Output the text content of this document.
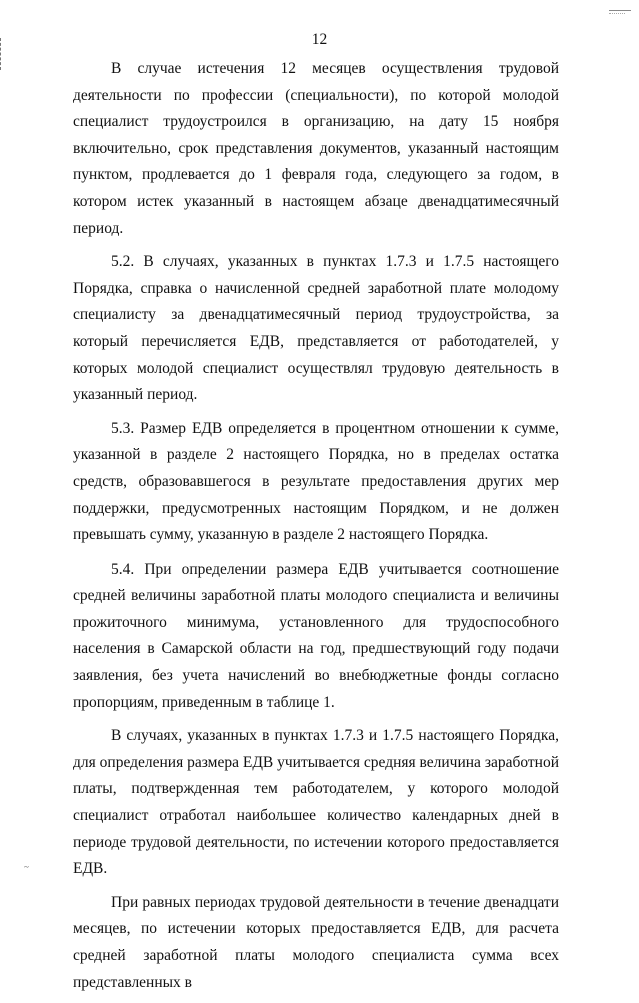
~
12

В случае истечения 12 месяцев осуществления трудовой деятельности по профессии (специальности), по которой молодой специалист трудоустроился в организацию, на дату 15 ноября включительно, срок представления документов, указанный настоящим пунктом, продлевается до 1 февраля года, следующего за годом, в котором истек указанный в настоящем абзаце двенадцатимесячный период.

5.2. В случаях, указанных в пунктах 1.7.3 и 1.7.5 настоящего Порядка, справка о начисленной средней заработной плате молодому специалисту за двенадцатимесячный период трудоустройства, за который перечисляется ЕДВ, представляется от работодателей, у которых молодой специалист осуществлял трудовую деятельность в указанный период.

5.3. Размер ЕДВ определяется в процентном отношении к сумме, указанной в разделе 2 настоящего Порядка, но в пределах остатка средств, образовавшегося в результате предоставления других мер поддержки, предусмотренных настоящим Порядком, и не должен превышать сумму, указанную в разделе 2 настоящего Порядка.

5.4. При определении размера ЕДВ учитывается соотношение средней величины заработной платы молодого специалиста и величины прожиточного минимума, установленного для трудоспособного населения в Самарской области на год, предшествующий году подачи заявления, без учета начислений во внебюджетные фонды согласно пропорциям, приведенным в таблице 1.

В случаях, указанных в пунктах 1.7.3 и 1.7.5 настоящего Порядка, для определения размера ЕДВ учитывается средняя величина заработной платы, подтвержденная тем работодателем, у которого молодой специалист отработал наибольшее количество календарных дней в периоде трудовой деятельности, по истечении которого предоставляется ЕДВ.

При равных периодах трудовой деятельности в течение двенадцати месяцев, по истечении которых предоставляется ЕДВ, для расчета средней заработной платы молодого специалиста сумма всех представленных в
